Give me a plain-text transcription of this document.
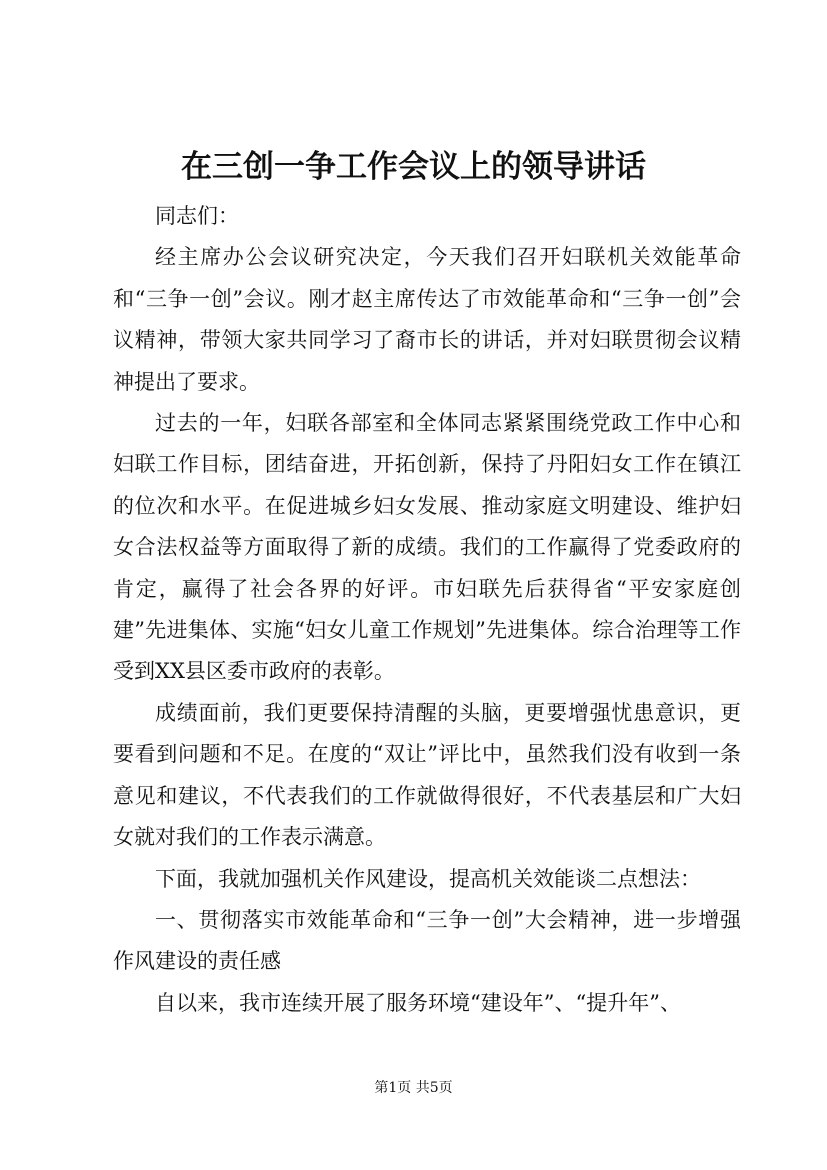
在三创一争工作会议上的领导讲话

同志们：

经主席办公会议研究决定，今天我们召开妇联机关效能革命和“三争一创”会议。刚才赵主席传达了市效能革命和“三争一创”会议精神，带领大家共同学习了裔市长的讲话，并对妇联贯彻会议精神提出了要求。

过去的一年，妇联各部室和全体同志紧紧围绕党政工作中心和妇联工作目标，团结奋进，开拓创新，保持了丹阳妇女工作在镇江的位次和水平。在促进城乡妇女发展、推动家庭文明建设、维护妇女合法权益等方面取得了新的成绩。我们的工作赢得了党委政府的肯定，赢得了社会各界的好评。市妇联先后获得省“平安家庭创建”先进集体、实施“妇女儿童工作规划”先进集体。综合治理等工作受到XX县区委市政府的表彰。

成绩面前，我们更要保持清醒的头脑，更要增强忧患意识，更要看到问题和不足。在度的“双让”评比中，虽然我们没有收到一条意见和建议，不代表我们的工作就做得很好，不代表基层和广大妇女就对我们的工作表示满意。

下面，我就加强机关作风建设，提高机关效能谈二点想法：

一、贯彻落实市效能革命和“三争一创”大会精神，进一步增强作风建设的责任感

自以来，我市连续开展了服务环境“建设年”、“提升年”、

第1页 共5页
